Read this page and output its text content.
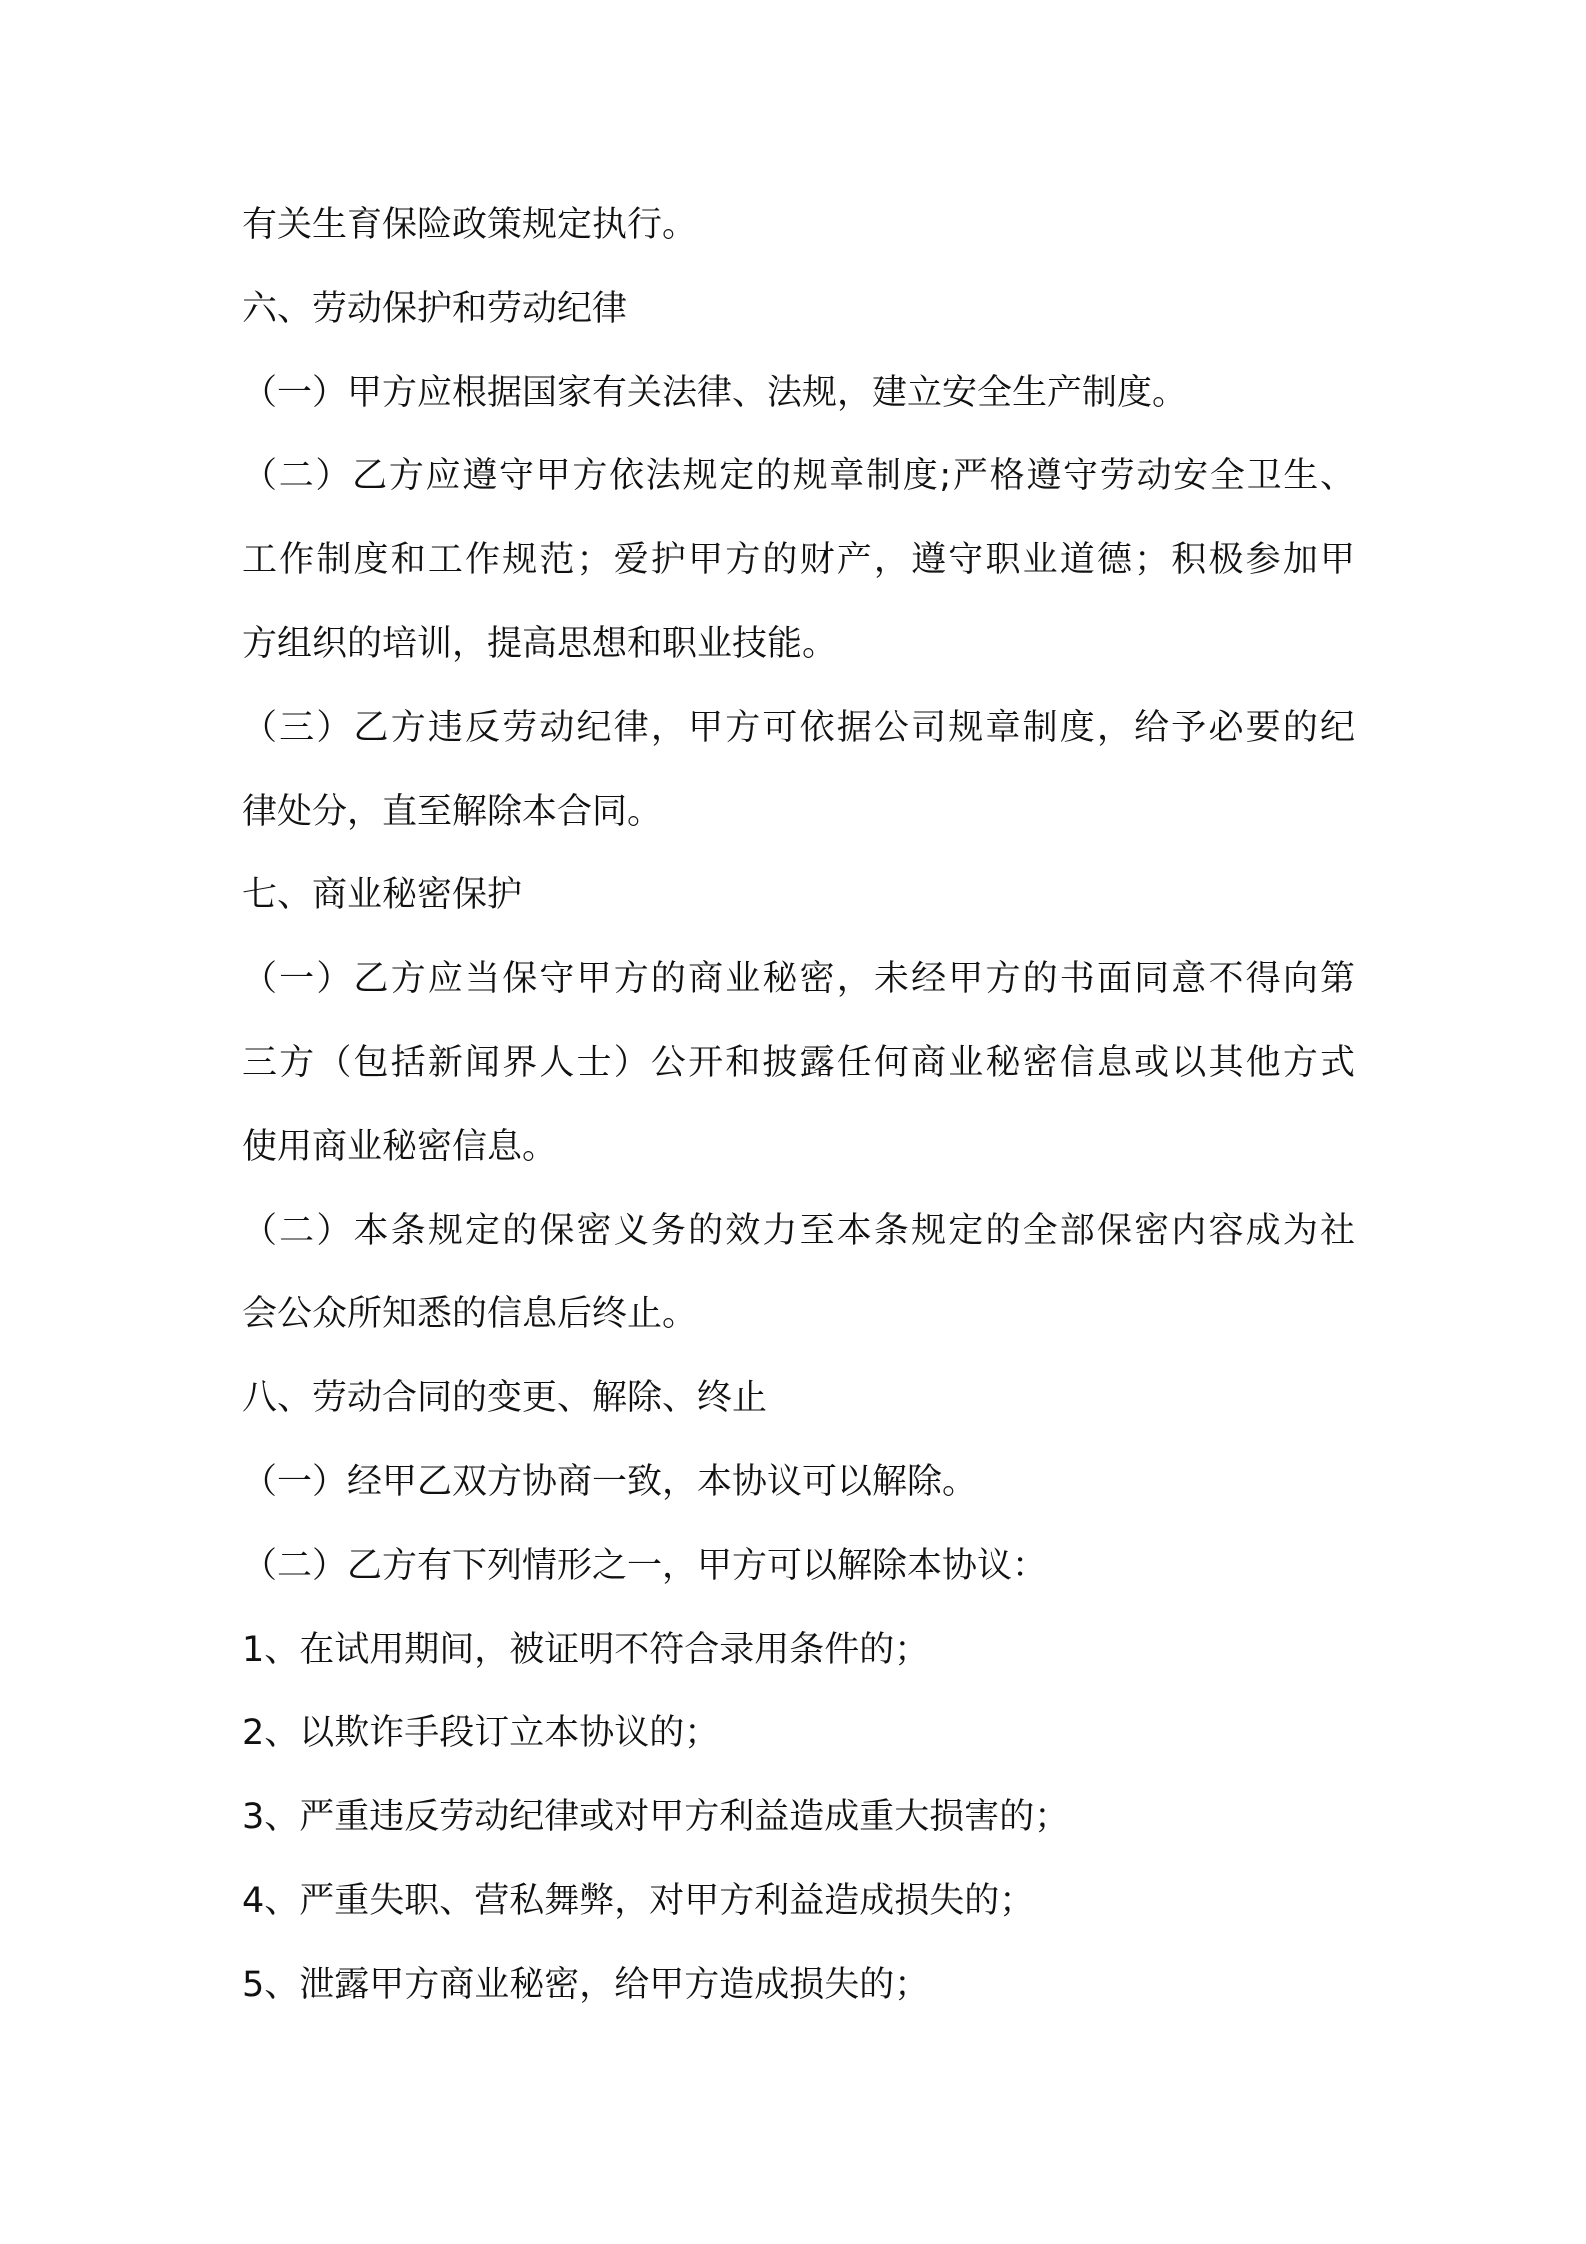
有关生育保险政策规定执行。
六、劳动保护和劳动纪律
（一）甲方应根据国家有关法律、法规，建立安全生产制度。
（二）乙方应遵守甲方依法规定的规章制度;严格遵守劳动安全卫生、
工作制度和工作规范；爱护甲方的财产，遵守职业道德；积极参加甲
方组织的培训，提高思想和职业技能。
（三）乙方违反劳动纪律，甲方可依据公司规章制度，给予必要的纪
律处分，直至解除本合同。
七、商业秘密保护
（一）乙方应当保守甲方的商业秘密，未经甲方的书面同意不得向第
三方（包括新闻界人士）公开和披露任何商业秘密信息或以其他方式
使用商业秘密信息。
（二）本条规定的保密义务的效力至本条规定的全部保密内容成为社
会公众所知悉的信息后终止。
八、劳动合同的变更、解除、终止
（一）经甲乙双方协商一致，本协议可以解除。
（二）乙方有下列情形之一，甲方可以解除本协议：
1、在试用期间，被证明不符合录用条件的；
2、以欺诈手段订立本协议的；
3、严重违反劳动纪律或对甲方利益造成重大损害的；
4、严重失职、营私舞弊，对甲方利益造成损失的；
5、泄露甲方商业秘密，给甲方造成损失的；
